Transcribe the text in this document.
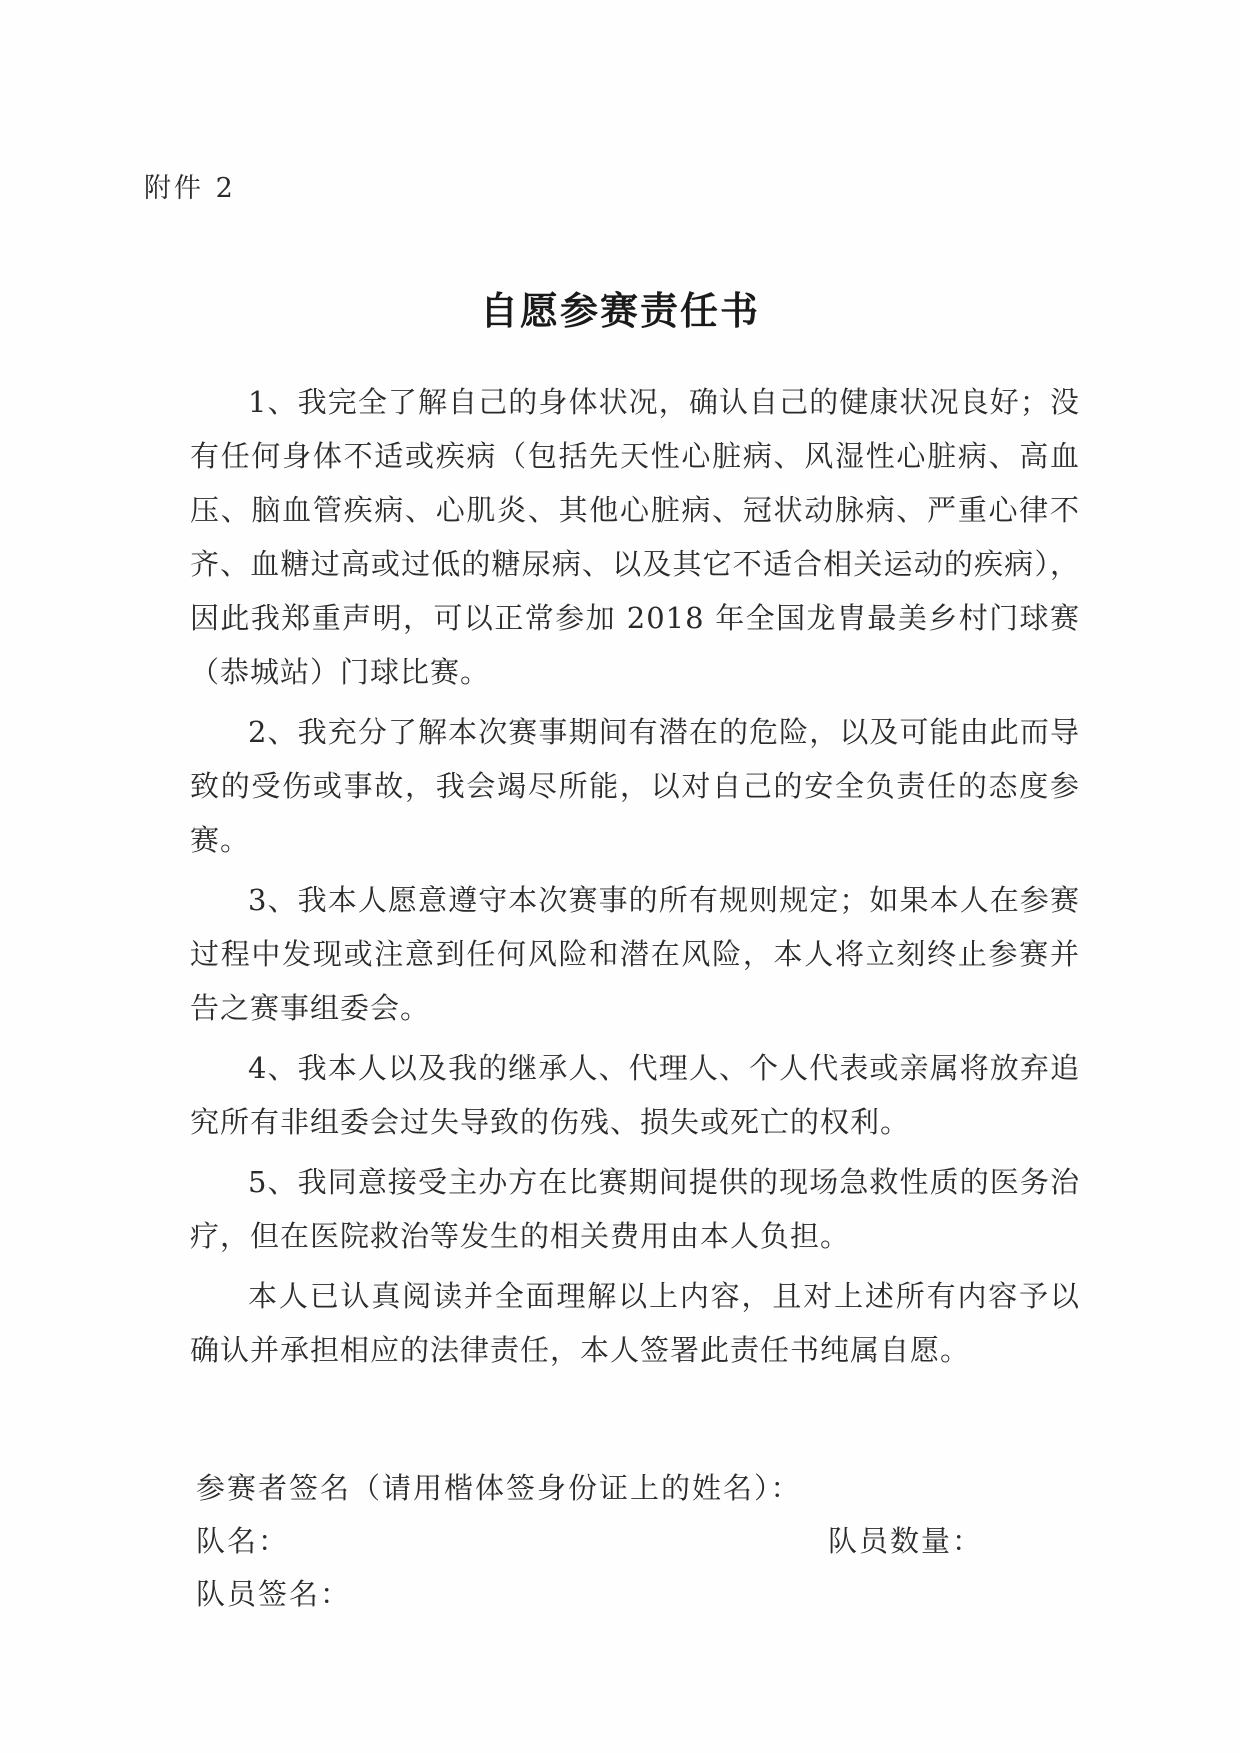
附件 2
自愿参赛责任书

1、我完全了解自己的身体状况，确认自己的健康状况良好；没有任何身体不适或疾病（包括先天性心脏病、风湿性心脏病、高血压、脑血管疾病、心肌炎、其他心脏病、冠状动脉病、严重心律不齐、血糖过高或过低的糖尿病、以及其它不适合相关运动的疾病），因此我郑重声明，可以正常参加 2018 年全国龙胄最美乡村门球赛（恭城站）门球比赛。

2、我充分了解本次赛事期间有潜在的危险，以及可能由此而导致的受伤或事故，我会竭尽所能，以对自己的安全负责任的态度参赛。

3、我本人愿意遵守本次赛事的所有规则规定；如果本人在参赛过程中发现或注意到任何风险和潜在风险，本人将立刻终止参赛并告之赛事组委会。

4、我本人以及我的继承人、代理人、个人代表或亲属将放弃追究所有非组委会过失导致的伤残、损失或死亡的权利。

5、我同意接受主办方在比赛期间提供的现场急救性质的医务治疗，但在医院救治等发生的相关费用由本人负担。

本人已认真阅读并全面理解以上内容，且对上述所有内容予以确认并承担相应的法律责任，本人签署此责任书纯属自愿。

参赛者签名（请用楷体签身份证上的姓名）：
队名：	队员数量：
队员签名：
